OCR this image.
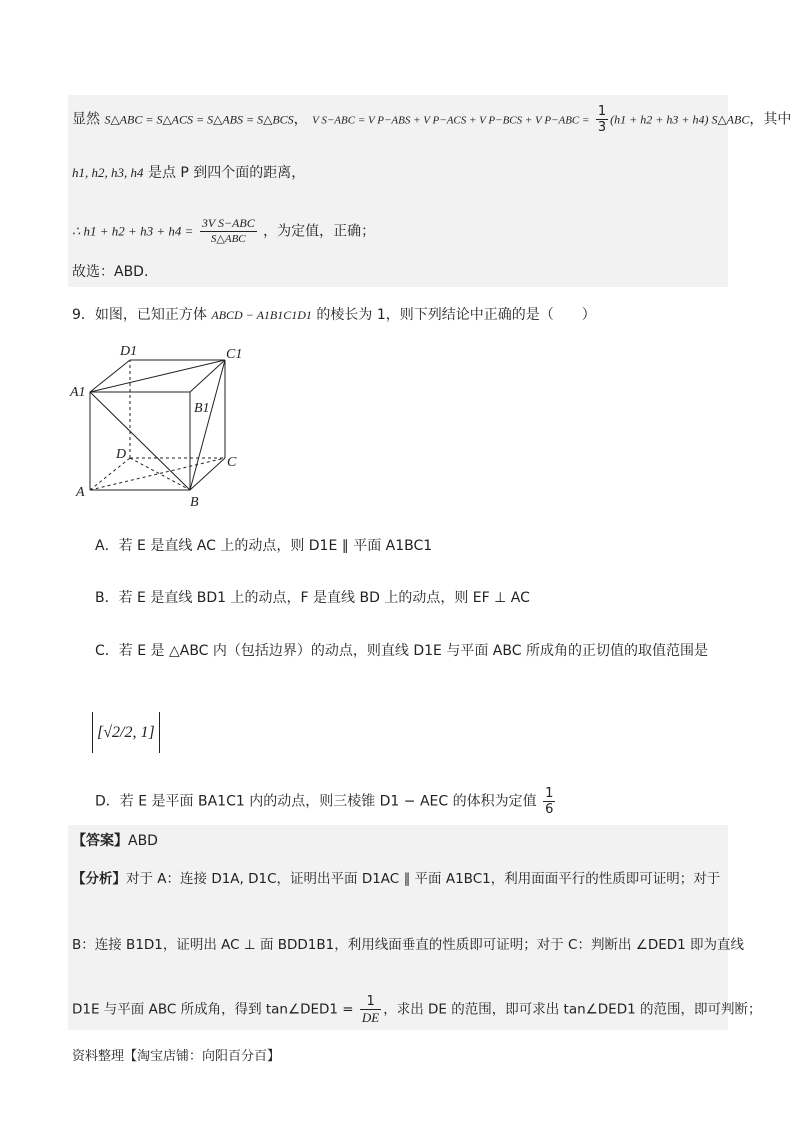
显然 S△ABC = S△ACS = S△ABS = S△BCS， V S−ABC = V P−ABS + V P−ACS + V P−BCS + V $P-ABC = \frac{1}{3} (h1 + h2 + h3 + h4)$ S△ABC，其中
h1, h2, h3, h4 是点 P 到四个面的距离，
∴ $h1 + h2 + h3 + h4 = \frac{\text{3V S−ABC}}{\text{S△ABC}}$ ，为定值，正确；
故选：ABD.
9．如图，已知正方体 ABCD − A1B1C1D1 的棱长为 1，则下列结论中正确的是（　　）
D1	C1
A1
B1
D
C
A
B
A．若 E 是直线 AC 上的动点，则 D1E ∥ 平面 A1BC1
B．若 E 是直线 BD1 上的动点，F 是直线 BD 上的动点，则 EF ⊥ AC
C．若 E 是 △ABC 内（包括边界）的动点，则直线 D1E 与平面 ABC 所成角的正切值的取值范围是
[√2/2, 1]
D．若 E 是平面 BA1C1 内的动点，则三棱锥 D1 − AEC 的体积为定值 $\frac{1}{6}$
【答案】ABD
【分析】对于 A：连接 D1A, D1C，证明出平面 D1AC ∥ 平面 A1BC1，利用面面平行的性质即可证明；对于
B：连接 B1D1，证明出 AC ⊥ 面 BDD1B1，利用线面垂直的性质即可证明；对于 C：判断出 ∠DED1 即为直线
D1E 与平面 ABC 所成角，得到 tan∠DED1 = $\frac{1}{DE}$ ，求出 DE 的范围，即可求出 tan∠DED1 的范围，即可判断；
资料整理【淘宝店铺：向阳百分百】
